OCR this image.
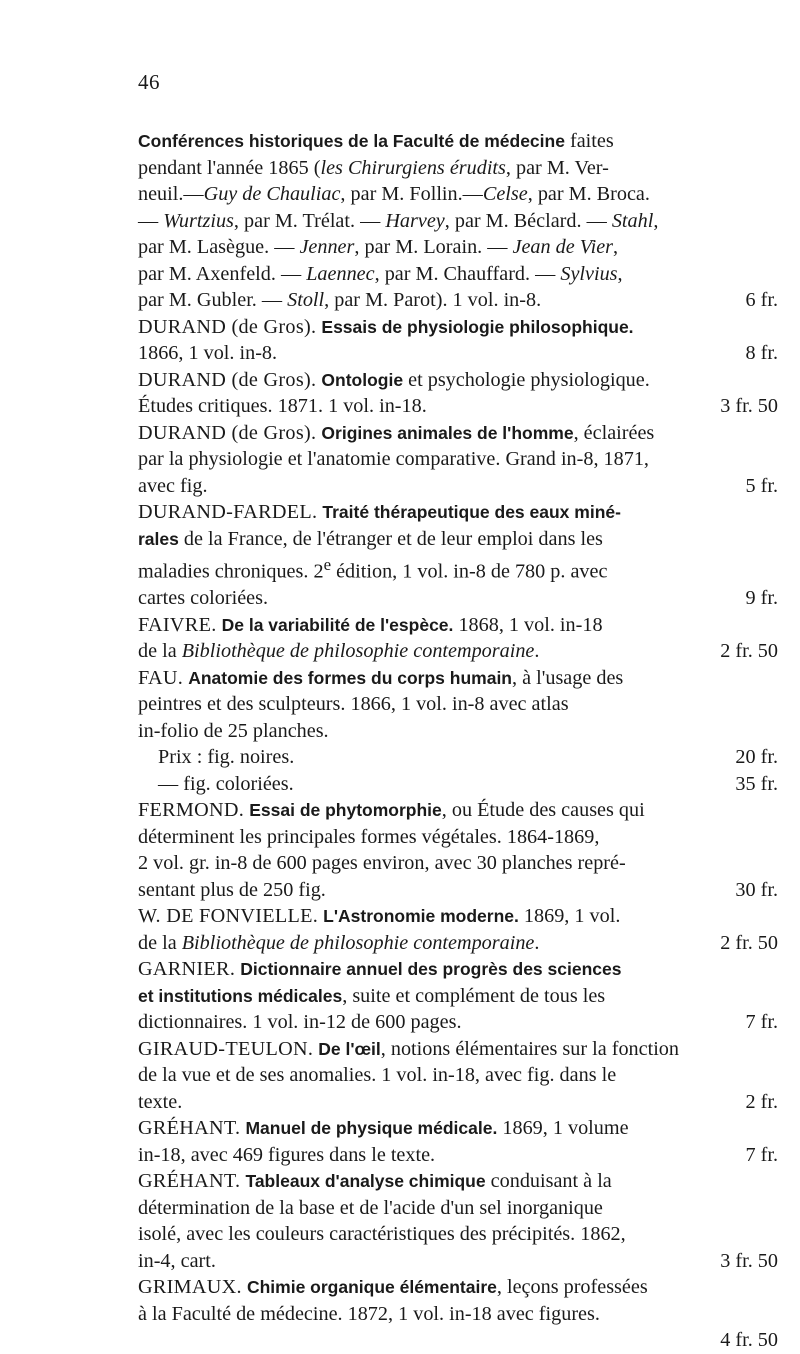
46
Conférences historiques de la Faculté de médecine faites
pendant l'année 1865 (les Chirurgiens érudits, par M. Ver-
neuil.—Guy de Chauliac, par M. Follin.—Celse, par M. Broca.
— Wurtzius, par M. Trélat. — Harvey, par M. Béclard. — Stahl,
par M. Lasègue. — Jenner, par M. Lorain. — Jean de Vier,
par M. Axenfeld. — Laennec, par M. Chauffard. — Sylvius,
par M. Gubler. — Stoll, par M. Parot). 1 vol. in-8.	6 fr.
DURAND (de Gros). Essais de physiologie philosophique.
1866, 1 vol. in-8.	8 fr.
DURAND (de Gros). Ontologie et psychologie physiologique.
Études critiques. 1871. 1 vol. in-18.	3 fr. 50
DURAND (de Gros). Origines animales de l'homme, éclairées
par la physiologie et l'anatomie comparative. Grand in-8, 1871,
avec fig.	5 fr.
DURAND-FARDEL. Traité thérapeutique des eaux miné-
rales de la France, de l'étranger et de leur emploi dans les
maladies chroniques. 2e édition, 1 vol. in-8 de 780 p. avec
cartes coloriées.	9 fr.
FAIVRE. De la variabilité de l'espèce. 1868, 1 vol. in-18
de la Bibliothèque de philosophie contemporaine.	2 fr. 50
FAU. Anatomie des formes du corps humain, à l'usage des
peintres et des sculpteurs. 1866, 1 vol. in-8 avec atlas
in-folio de 25 planches.
Prix : fig. noires.	20 fr.
— fig. coloriées.	35 fr.
FERMOND. Essai de phytomorphie, ou Étude des causes qui
déterminent les principales formes végétales. 1864-1869,
2 vol. gr. in-8 de 600 pages environ, avec 30 planches repré-
sentant plus de 250 fig.	30 fr.
W. DE FONVIELLE. L'Astronomie moderne. 1869, 1 vol.
de la Bibliothèque de philosophie contemporaine.	2 fr. 50
GARNIER. Dictionnaire annuel des progrès des sciences
et institutions médicales, suite et complément de tous les
dictionnaires. 1 vol. in-12 de 600 pages.	7 fr.
GIRAUD-TEULON. De l'œil, notions élémentaires sur la fonction
de la vue et de ses anomalies. 1 vol. in-18, avec fig. dans le
texte.	2 fr.
GRÉHANT. Manuel de physique médicale. 1869, 1 volume
in-18, avec 469 figures dans le texte.	7 fr.
GRÉHANT. Tableaux d'analyse chimique conduisant à la
détermination de la base et de l'acide d'un sel inorganique
isolé, avec les couleurs caractéristiques des précipités. 1862,
in-4, cart.	3 fr. 50
GRIMAUX. Chimie organique élémentaire, leçons professées
à la Faculté de médecine. 1872, 1 vol. in-18 avec figures.
4 fr. 50
